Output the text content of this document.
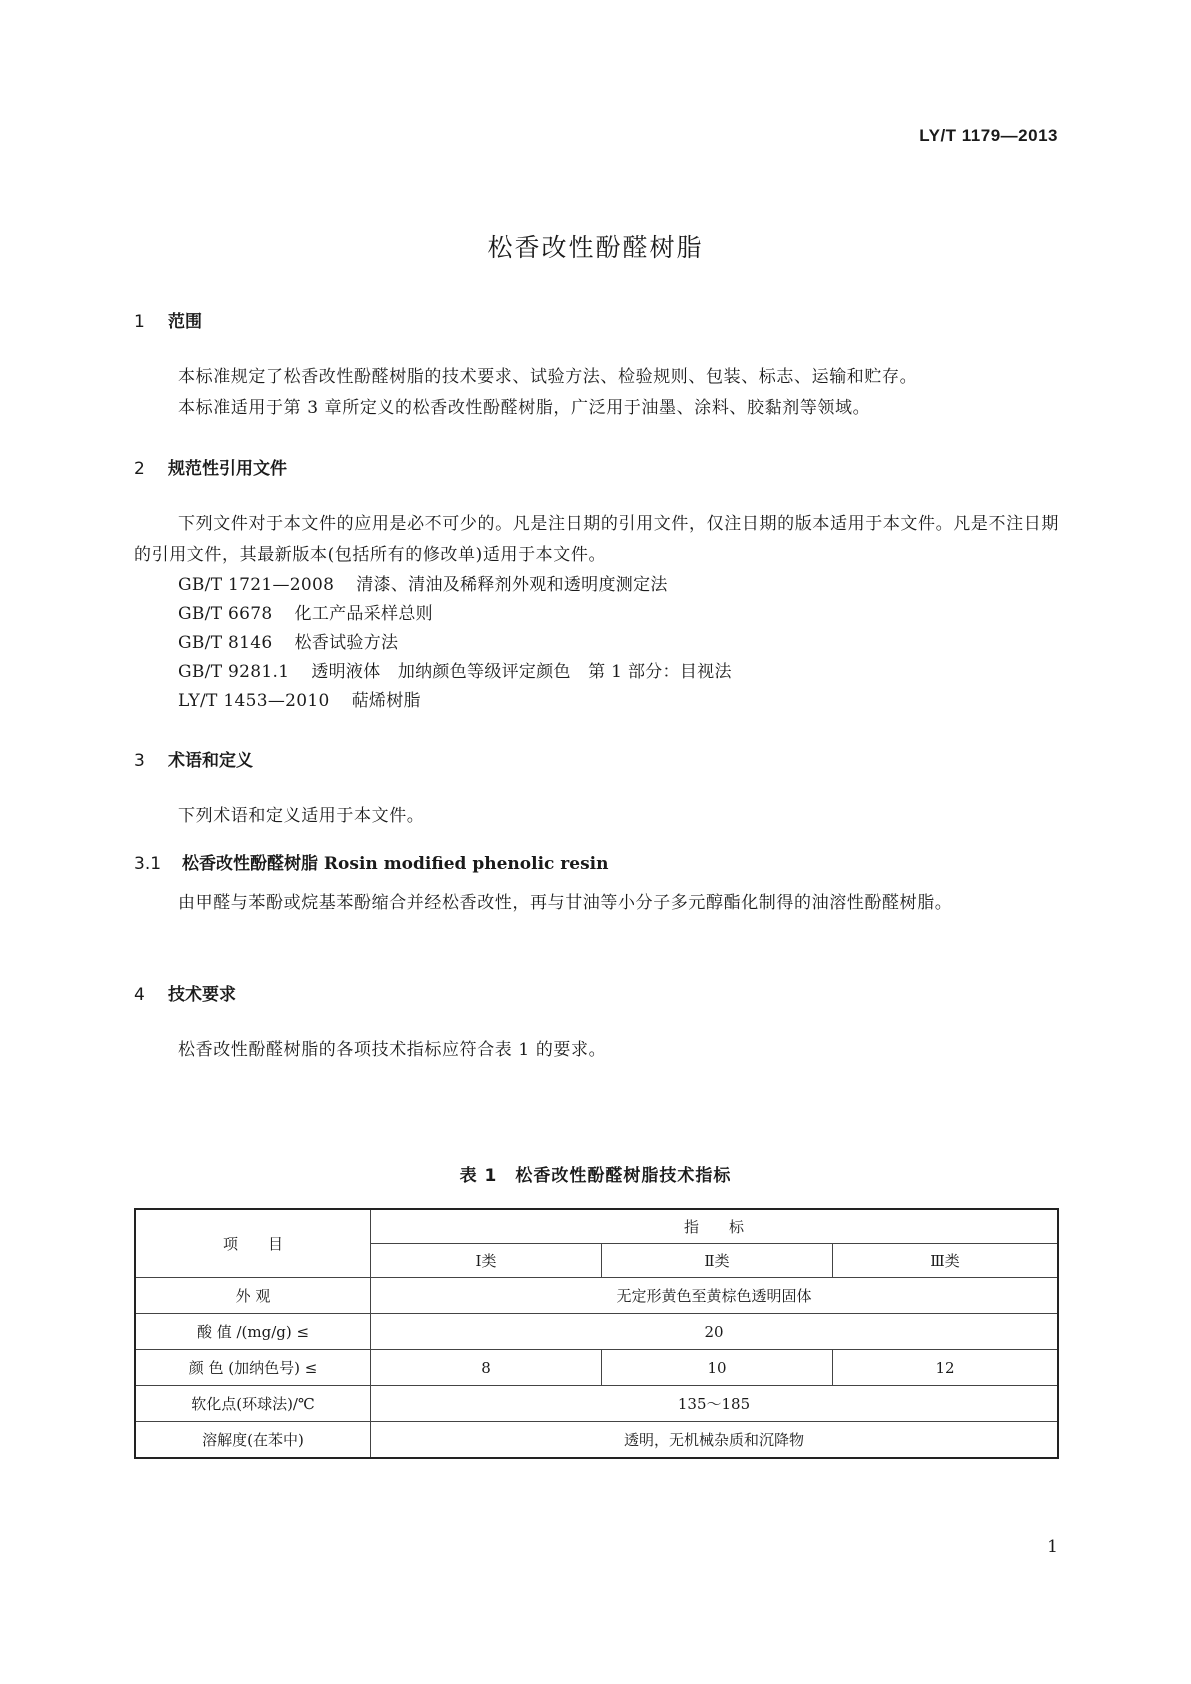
LY/T 1179—2013
松香改性酚醛树脂
1 范围
本标准规定了松香改性酚醛树脂的技术要求、试验方法、检验规则、包装、标志、运输和贮存。
本标准适用于第 3 章所定义的松香改性酚醛树脂，广泛用于油墨、涂料、胶黏剂等领域。
2 规范性引用文件
下列文件对于本文件的应用是必不可少的。凡是注日期的引用文件，仅注日期的版本适用于本文件。凡是不注日期的引用文件，其最新版本(包括所有的修改单)适用于本文件。
GB/T 1721—2008 清漆、清油及稀释剂外观和透明度测定法
GB/T 6678 化工产品采样总则
GB/T 8146 松香试验方法
GB/T 9281.1 透明液体　加纳颜色等级评定颜色　第 1 部分：目视法
LY/T 1453—2010 萜烯树脂
3 术语和定义
下列术语和定义适用于本文件。
3.1 松香改性酚醛树脂 Rosin modified phenolic resin
由甲醛与苯酚或烷基苯酚缩合并经松香改性，再与甘油等小分子多元醇酯化制得的油溶性酚醛树脂。
4 技术要求
松香改性酚醛树脂的各项技术指标应符合表 1 的要求。
表 1 松香改性酚醛树脂技术指标
项　　目	指　　标		
	Ⅰ类	Ⅱ类	Ⅲ类
外 观	无定形黄色至黄棕色透明固体		
酸 值 /(mg/g) ≤	20		
颜 色 (加纳色号) ≤	8	10	12
软化点(环球法)/℃	135～185		
溶解度(在苯中)	透明，无机械杂质和沉降物		
1
